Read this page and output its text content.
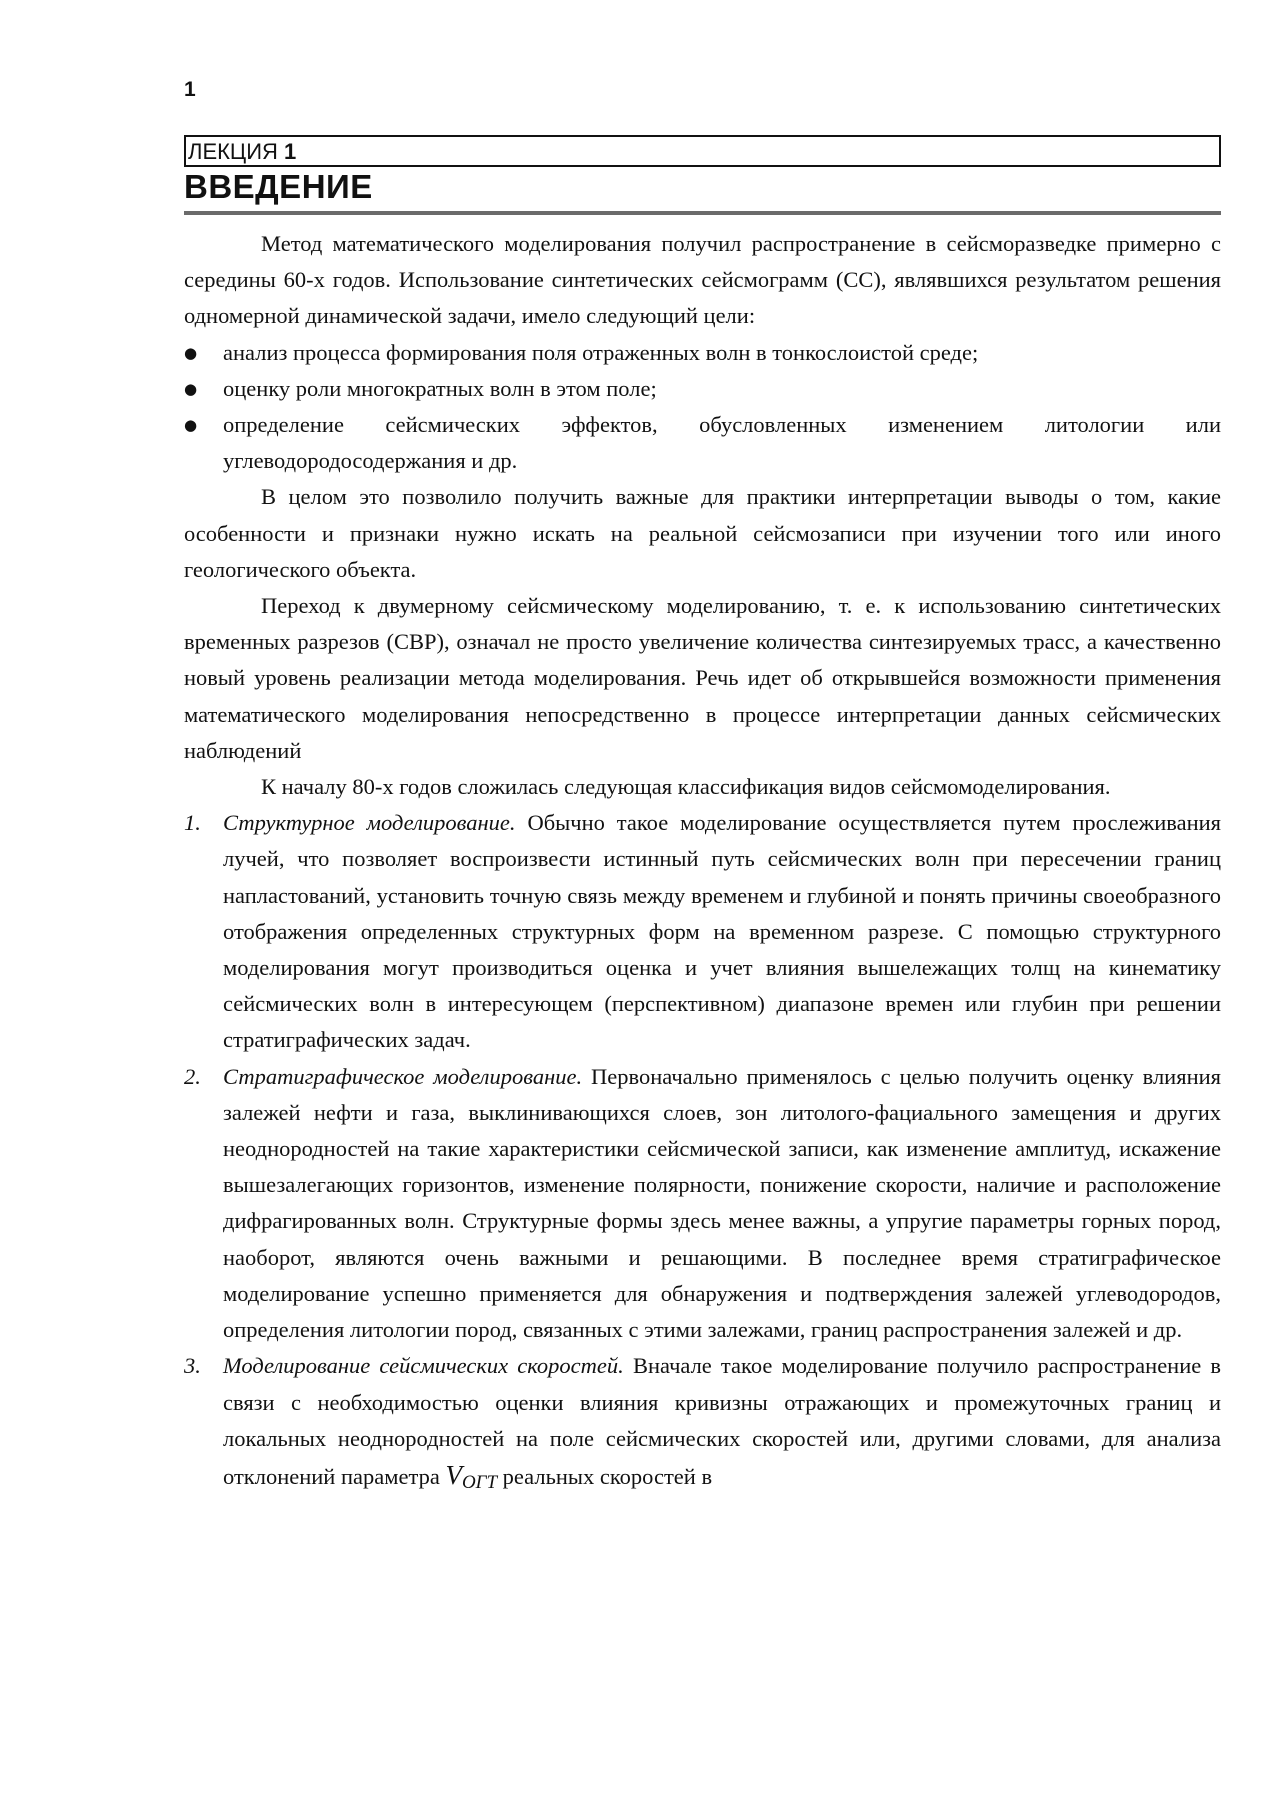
1
ЛЕКЦИЯ 1
ВВЕДЕНИЕ

Метод математического моделирования получил распространение в сейсморазведке примерно с середины 60-х годов. Использование синтетических сейсмограмм (СС), являвшихся результатом решения одномерной динамической задачи, имело следующий цели:

● анализ процесса формирования поля отраженных волн в тонкослоистой среде;
● оценку роли многократных волн в этом поле;
● определение сейсмических эффектов, обусловленных изменением литологии или углеводородосодержания и др.

В целом это позволило получить важные для практики интерпретации выводы о том, какие особенности и признаки нужно искать на реальной сейсмозаписи при изучении того или иного геологического объекта.

Переход к двумерному сейсмическому моделированию, т. е. к использованию синтетических временных разрезов (СВР), означал не просто увеличение количества синтезируемых трасс, а качественно новый уровень реализации метода моделирования. Речь идет об открывшейся возможности применения математического моделирования непосредственно в процессе интерпретации данных сейсмических наблюдений

К началу 80-х годов сложилась следующая классификация видов сейсмомоделирования.

1. Структурное моделирование. Обычно такое моделирование осуществляется путем прослеживания лучей, что позволяет воспроизвести истинный путь сейсмических волн при пересечении границ напластований, установить точную связь между временем и глубиной и понять причины своеобразного отображения определенных структурных форм на временном разрезе. С помощью структурного моделирования могут производиться оценка и учет влияния вышележащих толщ на кинематику сейсмических волн в интересующем (перспективном) диапазоне времен или глубин при решении стратиграфических задач.
2. Стратиграфическое моделирование. Первоначально применялось с целью получить оценку влияния залежей нефти и газа, выклинивающихся слоев, зон литолого-фациального замещения и других неоднородностей на такие характеристики сейсмической записи, как изменение амплитуд, искажение вышезалегающих горизонтов, изменение полярности, понижение скорости, наличие и расположение дифрагированных волн. Структурные формы здесь менее важны, а упругие параметры горных пород, наоборот, являются очень важными и решающими. В последнее время стратиграфическое моделирование успешно применяется для обнаружения и подтверждения залежей углеводородов, определения литологии пород, связанных с этими залежами, границ распространения залежей и др.
3. Моделирование сейсмических скоростей. Вначале такое моделирование получило распространение в связи с необходимостью оценки влияния кривизны отражающих и промежуточных границ и локальных неоднородностей на поле сейсмических скоростей или, другими словами, для анализа отклонений параметра $V_{ОГТ}$ реальных скоростей в
